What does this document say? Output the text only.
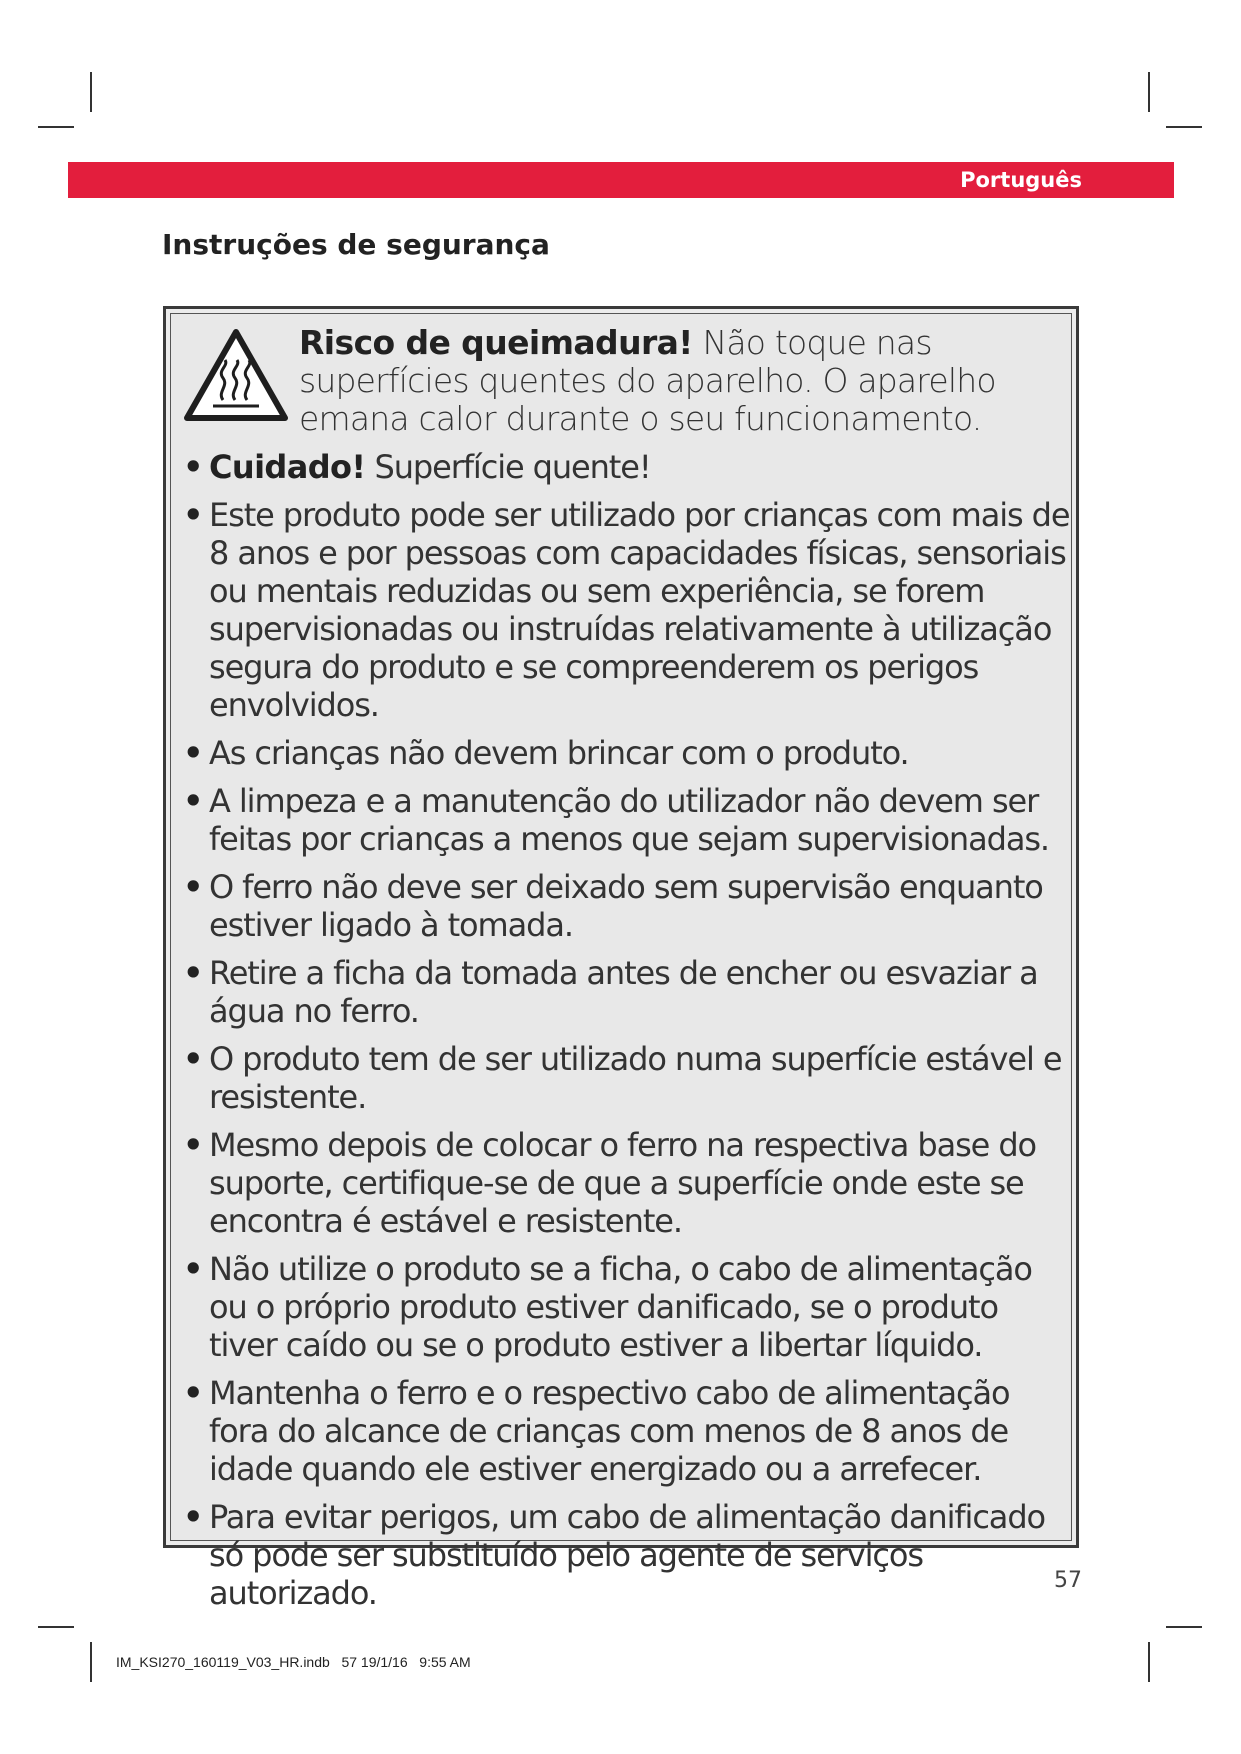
Português
Instruções de segurança
Risco de queimadura! Não toque nas superfícies quentes do aparelho. O aparelho emana calor durante o seu funcionamento.
• Cuidado! Superfície quente!
• Este produto pode ser utilizado por crianças com mais de 8 anos e por pessoas com capacidades físicas, sensoriais ou mentais reduzidas ou sem experiência, se forem supervisionadas ou instruídas relativamente à utilização segura do produto e se compreenderem os perigos envolvidos.
• As crianças não devem brincar com o produto.
• A limpeza e a manutenção do utilizador não devem ser feitas por crianças a menos que sejam supervisionadas.
• O ferro não deve ser deixado sem supervisão enquanto estiver ligado à tomada.
• Retire a ficha da tomada antes de encher ou esvaziar a água no ferro.
• O produto tem de ser utilizado numa superfície estável e resistente.
• Mesmo depois de colocar o ferro na respectiva base do suporte, certifique-se de que a superfície onde este se encontra é estável e resistente.
• Não utilize o produto se a ficha, o cabo de alimentação ou o próprio produto estiver danificado, se o produto tiver caído ou se o produto estiver a libertar líquido.
• Mantenha o ferro e o respectivo cabo de alimentação fora do alcance de crianças com menos de 8 anos de idade quando ele estiver energizado ou a arrefecer.
• Para evitar perigos, um cabo de alimentação danificado só pode ser substituído pelo agente de serviços autorizado.	57
IM_KSI270_160119_V03_HR.indb   57 19/1/16   9:55 AM
